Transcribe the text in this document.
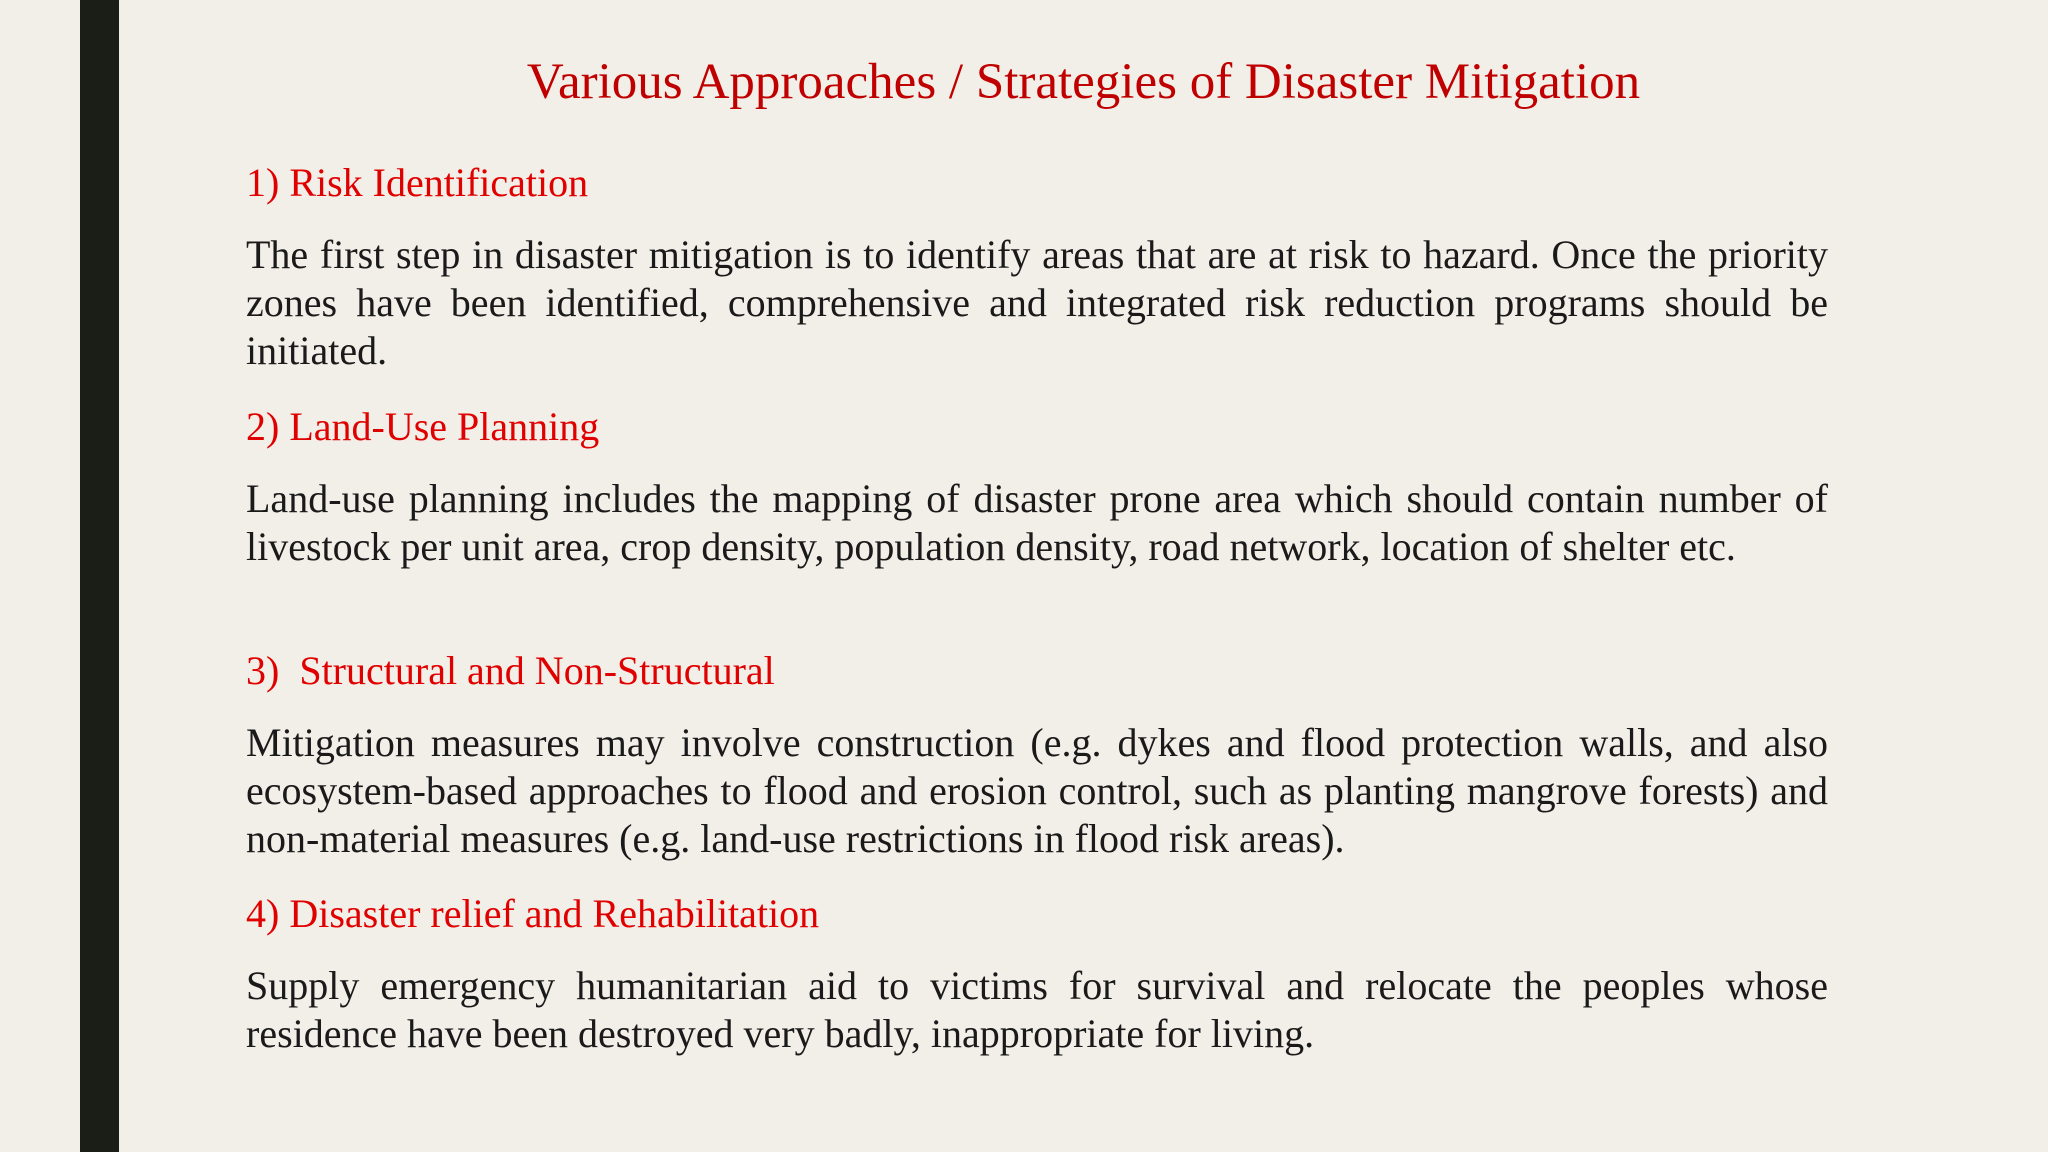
Various Approaches / Strategies of Disaster Mitigation

1) Risk Identification

The first step in disaster mitigation is to identify areas that are at risk to hazard. Once the priority zones have been identified, comprehensive and integrated risk reduction programs should be initiated.

2) Land-Use Planning

Land-use planning includes the mapping of disaster prone area which should contain number of livestock per unit area, crop density, population density, road network, location of shelter etc.

3)  Structural and Non-Structural

Mitigation measures may involve construction (e.g. dykes and flood protection walls, and also ecosystem-based approaches to flood and erosion control, such as planting mangrove forests) and non-material measures (e.g. land-use restrictions in flood risk areas).

4) Disaster relief and Rehabilitation

Supply emergency humanitarian aid to victims for survival and relocate the peoples whose residence have been destroyed very badly, inappropriate for living.
